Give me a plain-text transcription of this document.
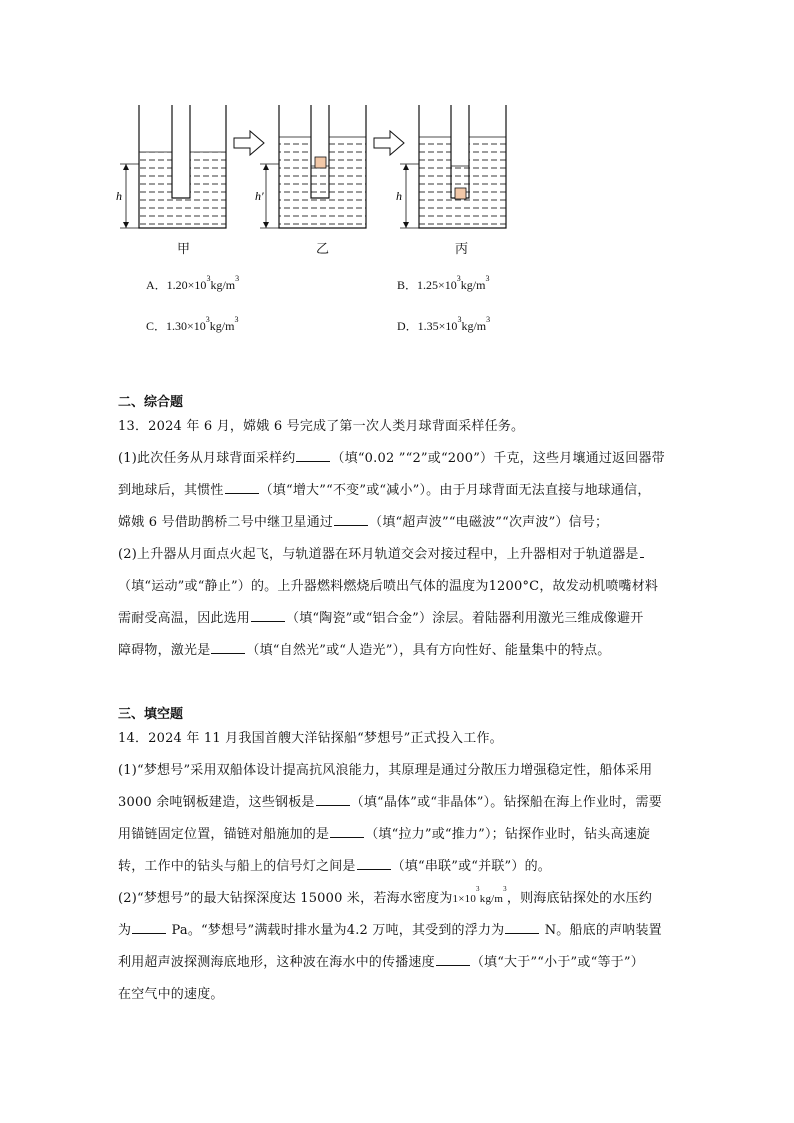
h	h′	h
甲	乙	丙
A．$1.20\times 10^3kg/m^3$	B．$1.25\times 10^3kg/m^3$
C．$1.30\times 10^3kg/m^3$	D．$1.35\times 10^3kg/m^3$
二、综合题
13．2024 年 6 月，嫦娥 6 号完成了第一次人类月球背面采样任务。
(1)此次任务从月球背面采样约	（填“0.02 ”“2”或“200”）千克，这些月壤通过返回器带
到地球后，其惯性	（填“增大”“不变”或“减小”）。由于月球背面无法直接与地球通信，
嫦娥 6 号借助鹊桥二号中继卫星通过	（填“超声波”“电磁波”“次声波”）信号；
(2)上升器从月面点火起飞，与轨道器在环月轨道交会对接过程中，上升器相对于轨道器是
（填“运动”或“静止”）的。上升器燃料燃烧后喷出气体的温度为1200°C，故发动机喷嘴材料
需耐受高温，因此选用	（填“陶瓷”或“铝合金”）涂层。着陆器利用激光三维成像避开
障碍物，激光是	（填“自然光”或“人造光”），具有方向性好、能量集中的特点。
三、填空题
14．2024 年 11 月我国首艘大洋钻探船“梦想号”正式投入工作。
(1)“梦想号”采用双船体设计提高抗风浪能力，其原理是通过分散压力增强稳定性，船体采用
3000 余吨钢板建造，这些钢板是	（填“晶体”或“非晶体”）。钻探船在海上作业时，需要
用锚链固定位置，锚链对船施加的是	（填“拉力”或“推力”）；钻探作业时，钻头高速旋
转，工作中的钻头与船上的信号灯之间是	（填“串联”或“并联”）的。
(2)“梦想号”的最大钻探深度达 15000 米，若海水密度为$1\times 10^3kg/m^3$，则海底钻探处的水压约
为	Pa。“梦想号”满载时排水量为4.2 万吨，其受到的浮力为	N。船底的声呐装置
利用超声波探测海底地形，这种波在海水中的传播速度	（填“大于”“小于”或“等于”）
在空气中的速度。
